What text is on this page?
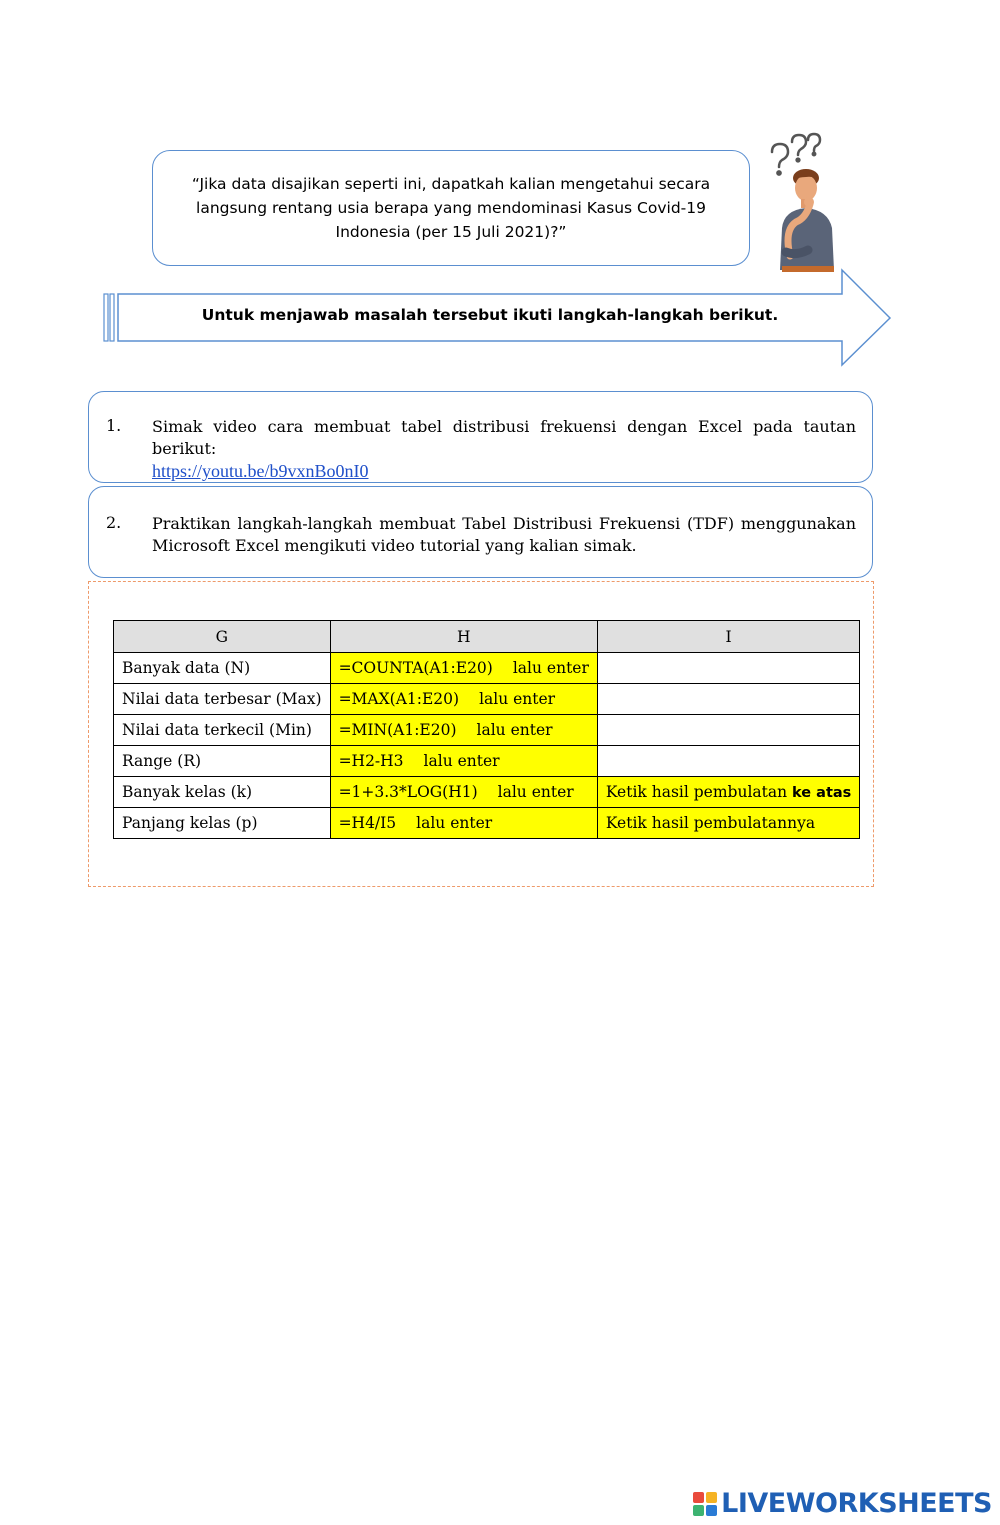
“Jika data disajikan seperti ini, dapatkah kalian mengetahui secara langsung rentang usia berapa yang mendominasi Kasus Covid-19 Indonesia (per 15 Juli 2021)?”
Untuk menjawab masalah tersebut ikuti langkah-langkah berikut.
1. Simak video cara membuat tabel distribusi frekuensi dengan Excel pada tautan berikut:
https://youtu.be/b9vxnBo0nI0
2. Praktikan langkah-langkah membuat Tabel Distribusi Frekuensi (TDF) menggunakan Microsoft Excel mengikuti video tutorial yang kalian simak.
G	H	I
Banyak data (N)	=COUNTA(A1:E20) lalu enter	
Nilai data terbesar (Max)	=MAX(A1:E20) lalu enter	
Nilai data terkecil (Min)	=MIN(A1:E20) lalu enter	
Range (R)	=H2-H3 lalu enter	
Banyak kelas (k)	=1+3.3*LOG(H1) lalu enter	Ketik hasil pembulatan ke atas
Panjang kelas (p)	=H4/I5 lalu enter	Ketik hasil pembulatannya
LIVEWORKSHEETS
